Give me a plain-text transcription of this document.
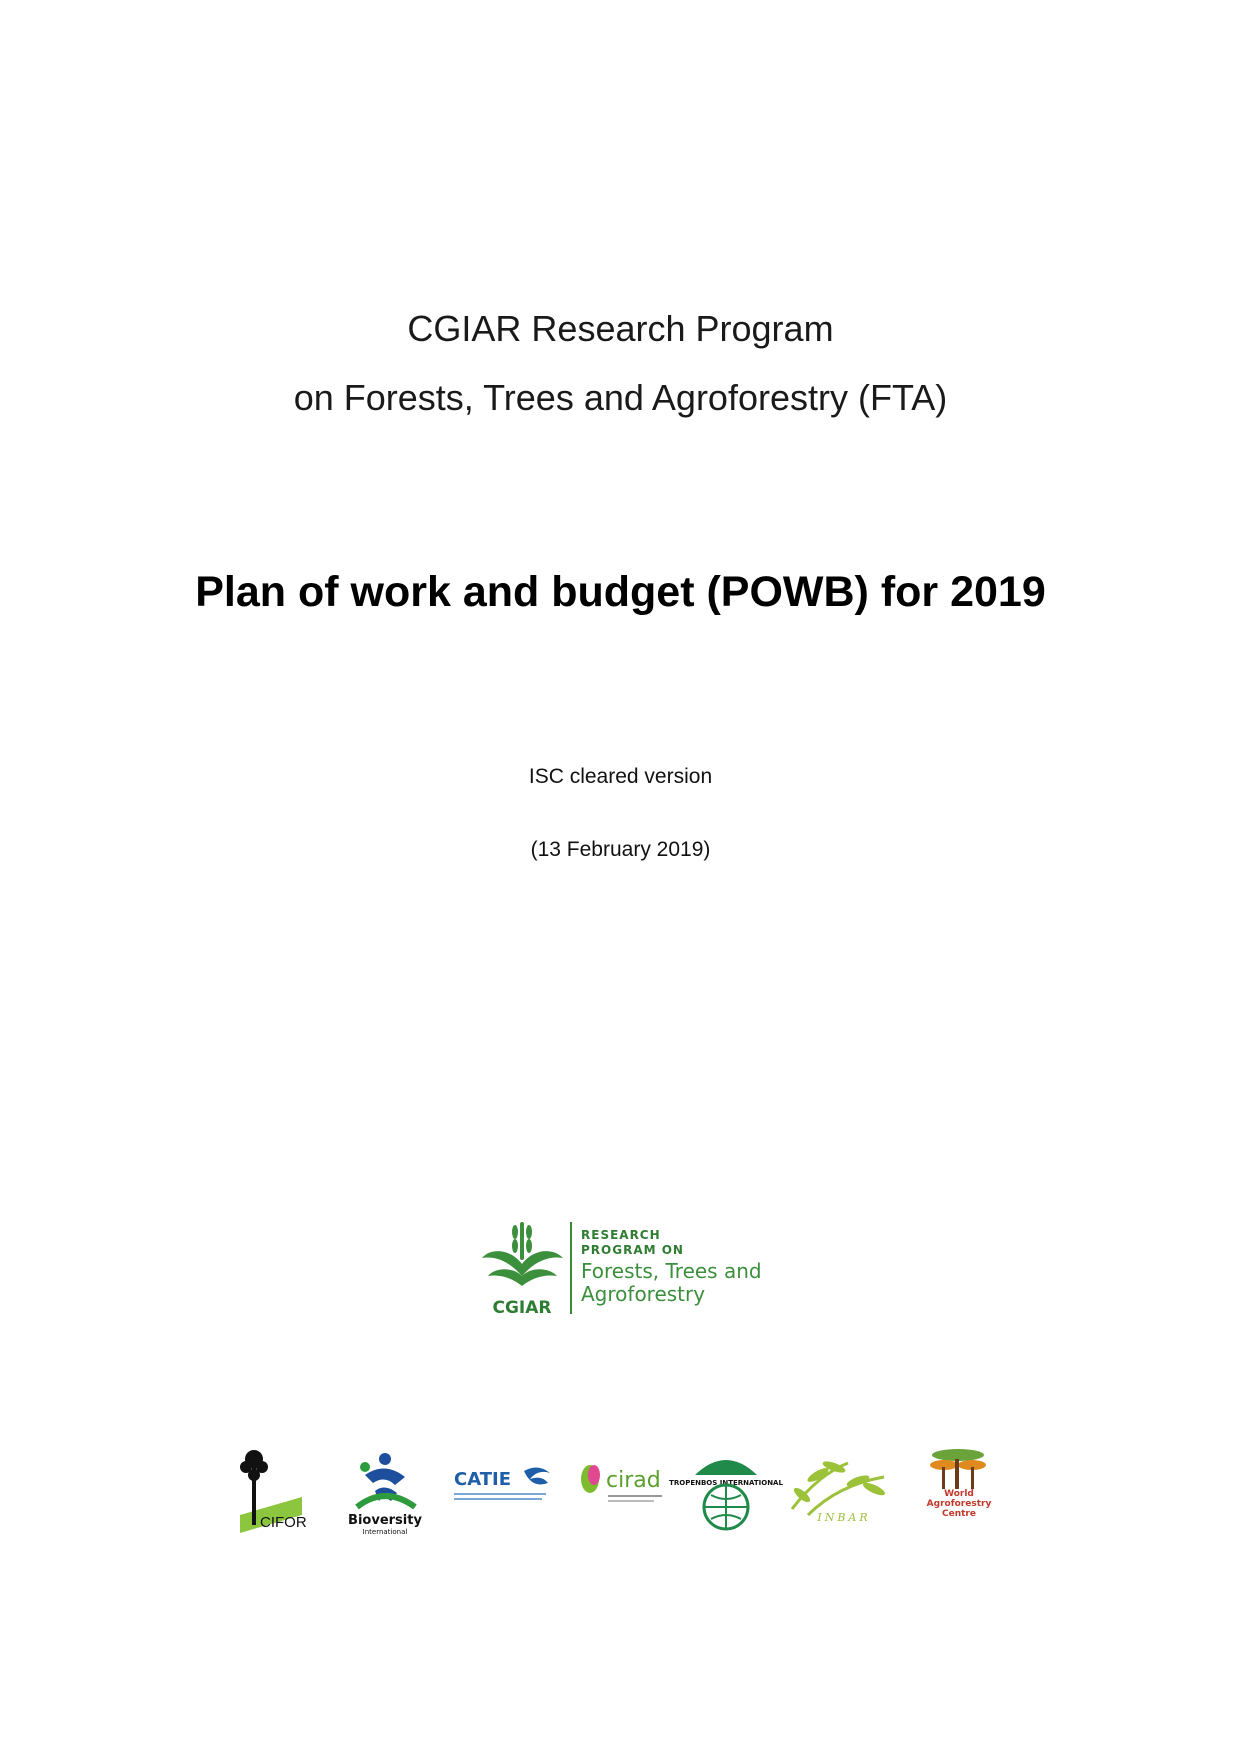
CGIAR Research Program
on Forests, Trees and Agroforestry (FTA)
Plan of work and budget (POWB) for 2019
ISC cleared version
(13 February 2019)
CGIAR
RESEARCH
PROGRAM ON
Forests, Trees and
Agroforestry
CIFOR	Bioversity
International
CATIE	cirad TROPENBOS INTERNATIONAL
INBAR
World Agroforestry Centre
